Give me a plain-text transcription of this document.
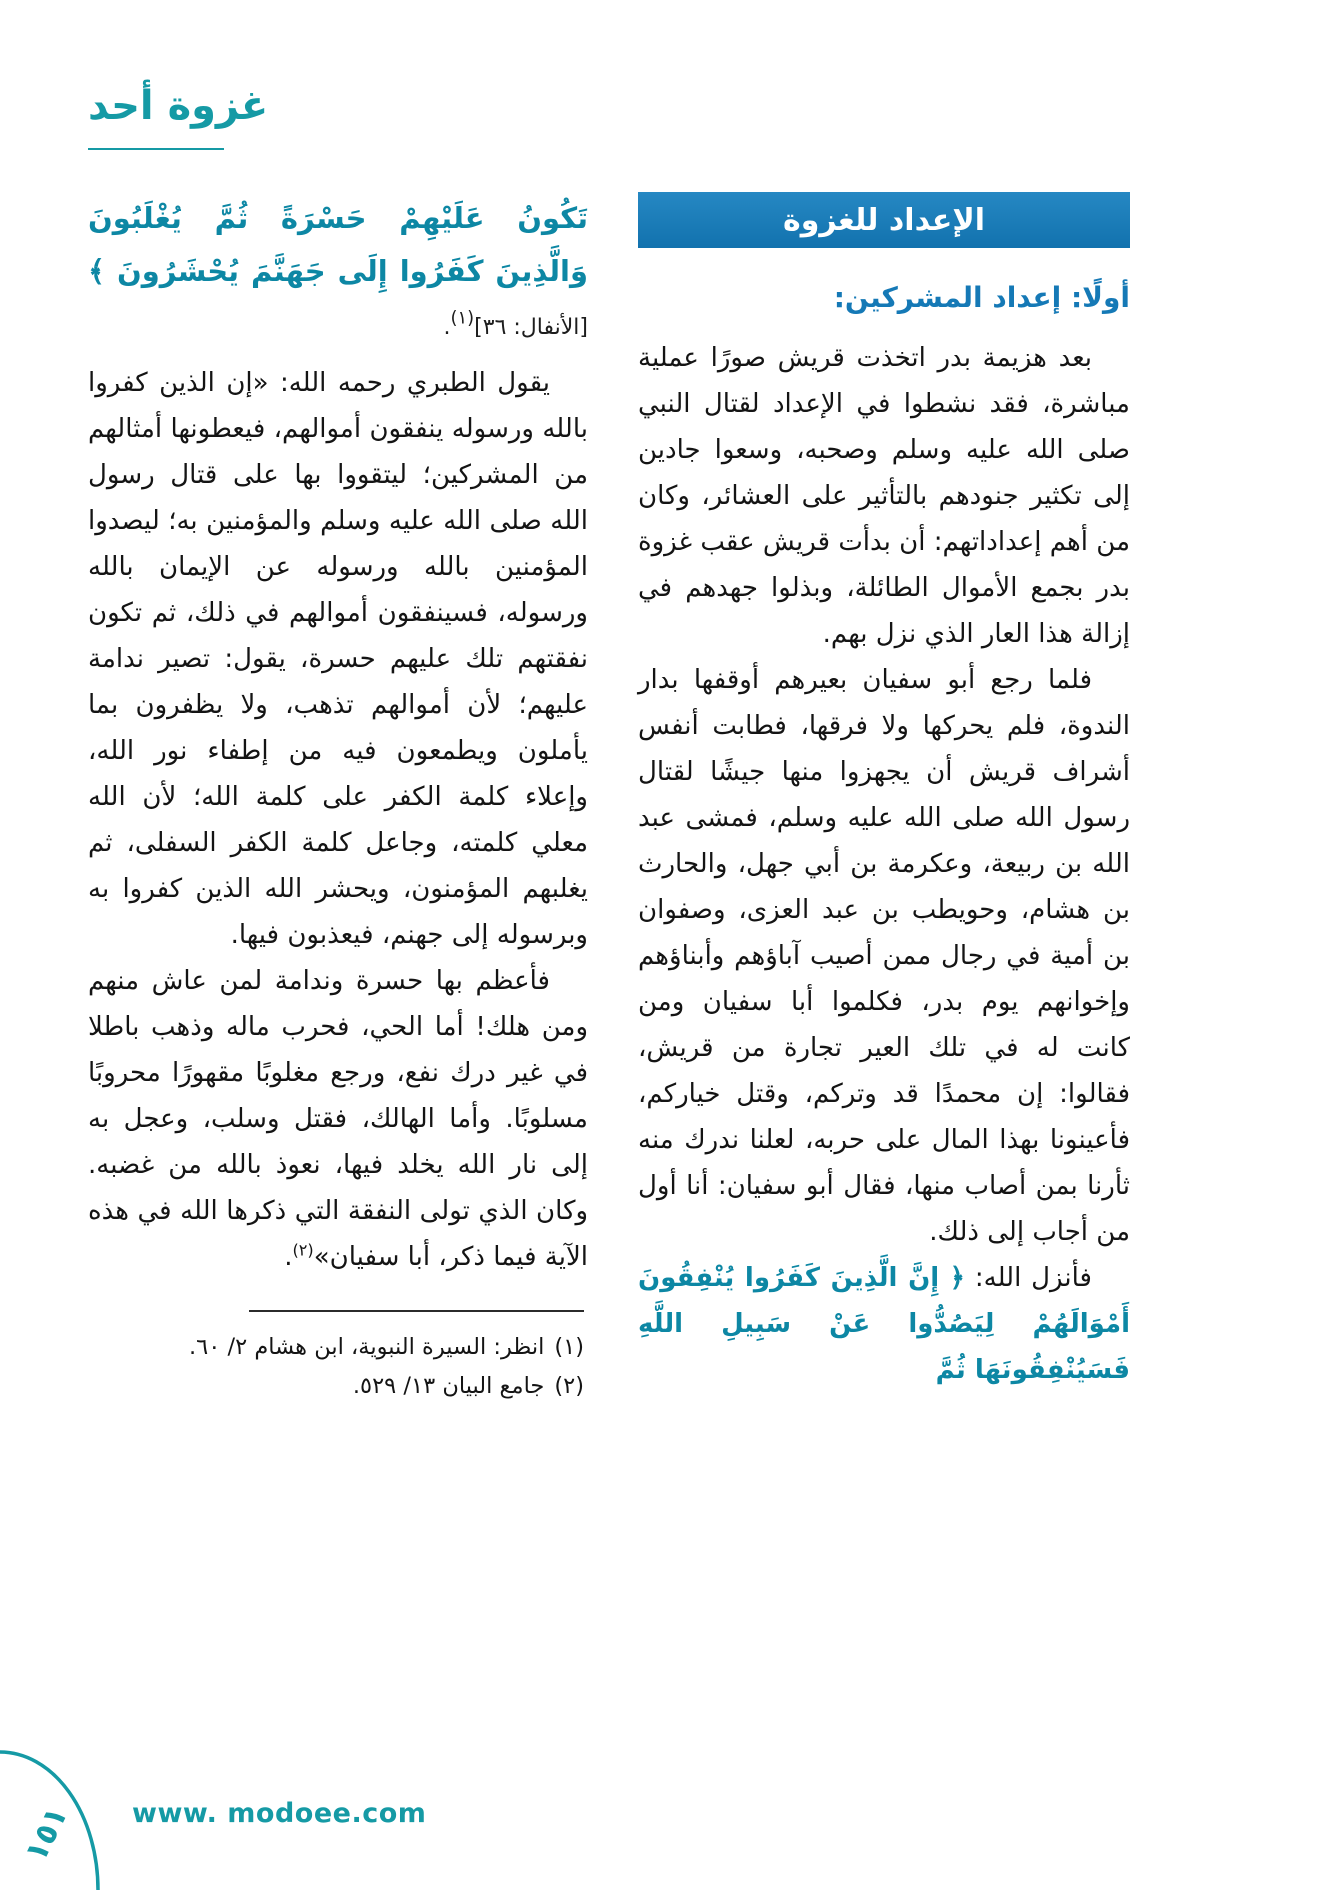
غزوة أحد
الإعداد للغزوة
أولًا: إعداد المشركين:

بعد هزيمة بدر اتخذت قريش صورًا عملية مباشرة، فقد نشطوا في الإعداد لقتال النبي صلى الله عليه وسلم وصحبه، وسعوا جادين إلى تكثير جنودهم بالتأثير على العشائر، وكان من أهم إعداداتهم: أن بدأت قريش عقب غزوة بدر بجمع الأموال الطائلة، وبذلوا جهدهم في إزالة هذا العار الذي نزل بهم.

فلما رجع أبو سفيان بعيرهم أوقفها بدار الندوة، فلم يحركها ولا فرقها، فطابت أنفس أشراف قريش أن يجهزوا منها جيشًا لقتال رسول الله صلى الله عليه وسلم، فمشى عبد الله بن ربيعة، وعكرمة بن أبي جهل، والحارث بن هشام، وحويطب بن عبد العزى، وصفوان بن أمية في رجال ممن أصيب آباؤهم وأبناؤهم وإخوانهم يوم بدر، فكلموا أبا سفيان ومن كانت له في تلك العير تجارة من قريش، فقالوا: إن محمدًا قد وتركم، وقتل خياركم، فأعينونا بهذا المال على حربه، لعلنا ندرك منه ثأرنا بمن أصاب منها، فقال أبو سفيان: أنا أول من أجاب إلى ذلك.

فأنزل الله: ﴿ إِنَّ الَّذِينَ كَفَرُوا يُنْفِقُونَ أَمْوَالَهُمْ لِيَصُدُّوا عَنْ سَبِيلِ اللَّهِ فَسَيُنْفِقُونَهَا ثُمَّ

تَكُونُ عَلَيْهِمْ حَسْرَةً ثُمَّ يُغْلَبُونَ وَالَّذِينَ كَفَرُوا إِلَى جَهَنَّمَ يُحْشَرُونَ ﴾ [الأنفال: ٣٦]$^{(١)}$.

يقول الطبري رحمه الله: «إن الذين كفروا بالله ورسوله ينفقون أموالهم، فيعطونها أمثالهم من المشركين؛ ليتقووا بها على قتال رسول الله صلى الله عليه وسلم والمؤمنين به؛ ليصدوا المؤمنين بالله ورسوله عن الإيمان بالله ورسوله، فسينفقون أموالهم في ذلك، ثم تكون نفقتهم تلك عليهم حسرة، يقول: تصير ندامة عليهم؛ لأن أموالهم تذهب، ولا يظفرون بما يأملون ويطمعون فيه من إطفاء نور الله، وإعلاء كلمة الكفر على كلمة الله؛ لأن الله معلي كلمته، وجاعل كلمة الكفر السفلى، ثم يغلبهم المؤمنون، ويحشر الله الذين كفروا به وبرسوله إلى جهنم، فيعذبون فيها.

فأعظم بها حسرة وندامة لمن عاش منهم ومن هلك! أما الحي، فحرب ماله وذهب باطلا في غير درك نفع، ورجع مغلوبًا مقهورًا محروبًا مسلوبًا. وأما الهالك، فقتل وسلب، وعجل به إلى نار الله يخلد فيها، نعوذ بالله من غضبه. وكان الذي تولى النفقة التي ذكرها الله في هذه الآية فيما ذكر، أبا سفيان»$^{(٢)}$.

(١)
انظر: السيرة النبوية، ابن هشام ٢/ ٦٠.
(٢)
جامع البيان ١٣/ ٥٢٩.
www. modoee.com
١٥١
